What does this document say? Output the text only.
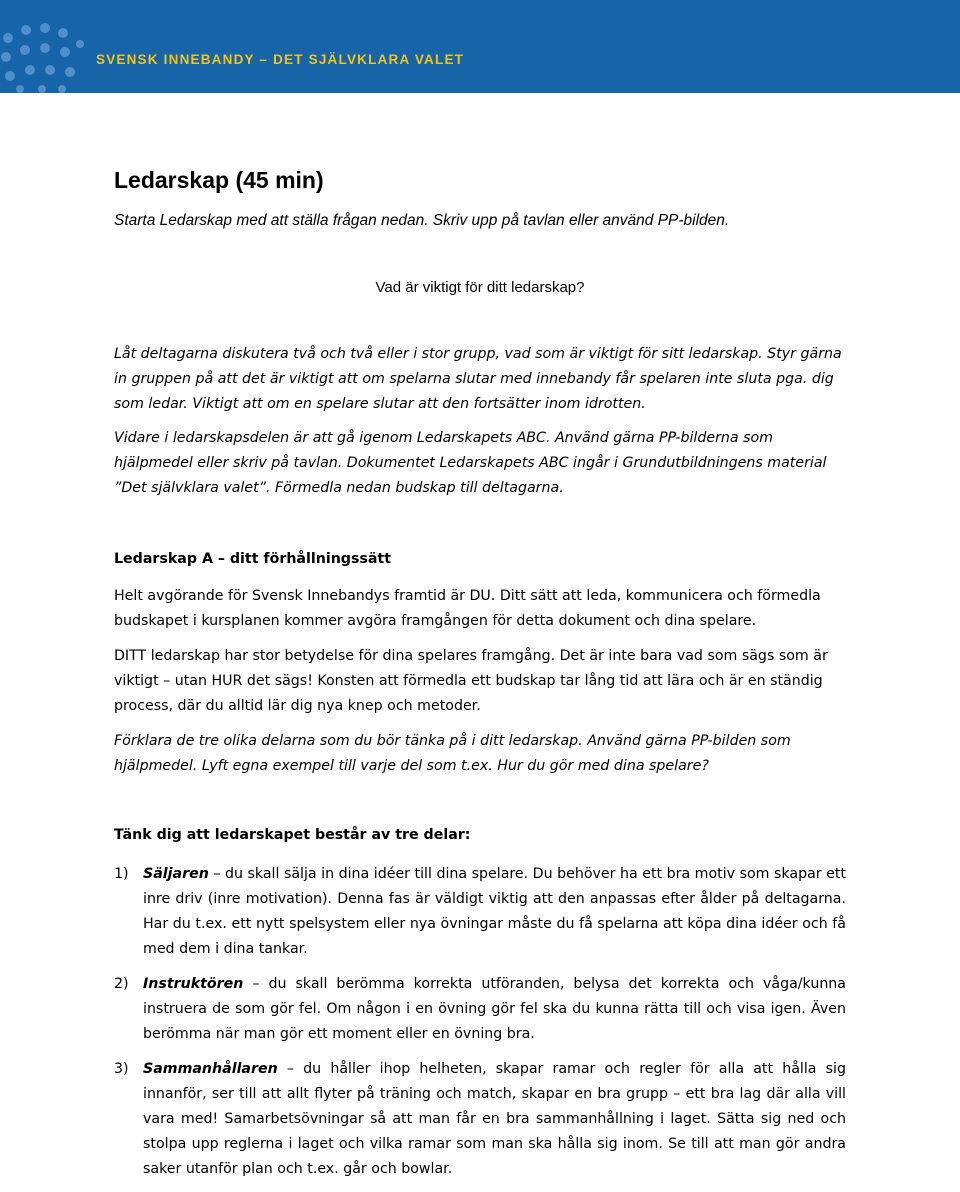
SVENSK INNEBANDY – DET SJÄLVKLARA VALET
Ledarskap (45 min)

Starta Ledarskap med att ställa frågan nedan. Skriv upp på tavlan eller använd PP-bilden.

Vad är viktigt för ditt ledarskap?

Låt deltagarna diskutera två och två eller i stor grupp, vad som är viktigt för sitt ledarskap. Styr gärna in gruppen på att det är viktigt att om spelarna slutar med innebandy får spelaren inte sluta pga. dig som ledar. Viktigt att om en spelare slutar att den fortsätter inom idrotten.

Vidare i ledarskapsdelen är att gå igenom Ledarskapets ABC. Använd gärna PP-bilderna som hjälpmedel eller skriv på tavlan. Dokumentet Ledarskapets ABC ingår i Grundutbildningens material ”Det självklara valet”. Förmedla nedan budskap till deltagarna.

Ledarskap A – ditt förhållningssätt

Helt avgörande för Svensk Innebandys framtid är DU. Ditt sätt att leda, kommunicera och förmedla budskapet i kursplanen kommer avgöra framgången för detta dokument och dina spelare.

DITT ledarskap har stor betydelse för dina spelares framgång. Det är inte bara vad som sägs som är viktigt – utan HUR det sägs! Konsten att förmedla ett budskap tar lång tid att lära och är en ständig process, där du alltid lär dig nya knep och metoder.

Förklara de tre olika delarna som du bör tänka på i ditt ledarskap. Använd gärna PP-bilden som hjälpmedel. Lyft egna exempel till varje del som t.ex. Hur du gör med dina spelare?

Tänk dig att ledarskapet består av tre delar:

1) Säljaren – du skall sälja in dina idéer till dina spelare. Du behöver ha ett bra motiv som skapar ett inre driv (inre motivation). Denna fas är väldigt viktig att den anpassas efter ålder på deltagarna. Har du t.ex. ett nytt spelsystem eller nya övningar måste du få spelarna att köpa dina idéer och få med dem i dina tankar.
2) Instruktören – du skall berömma korrekta utföranden, belysa det korrekta och våga/kunna instruera de som gör fel. Om någon i en övning gör fel ska du kunna rätta till och visa igen. Även berömma när man gör ett moment eller en övning bra.
3) Sammanhållaren – du håller ihop helheten, skapar ramar och regler för alla att hålla sig innanför, ser till att allt flyter på träning och match, skapar en bra grupp – ett bra lag där alla vill vara med! Samarbetsövningar så att man får en bra sammanhållning i laget. Sätta sig ned och stolpa upp reglerna i laget och vilka ramar som man ska hålla sig inom. Se till att man gör andra saker utanför plan och t.ex. går och bowlar.
